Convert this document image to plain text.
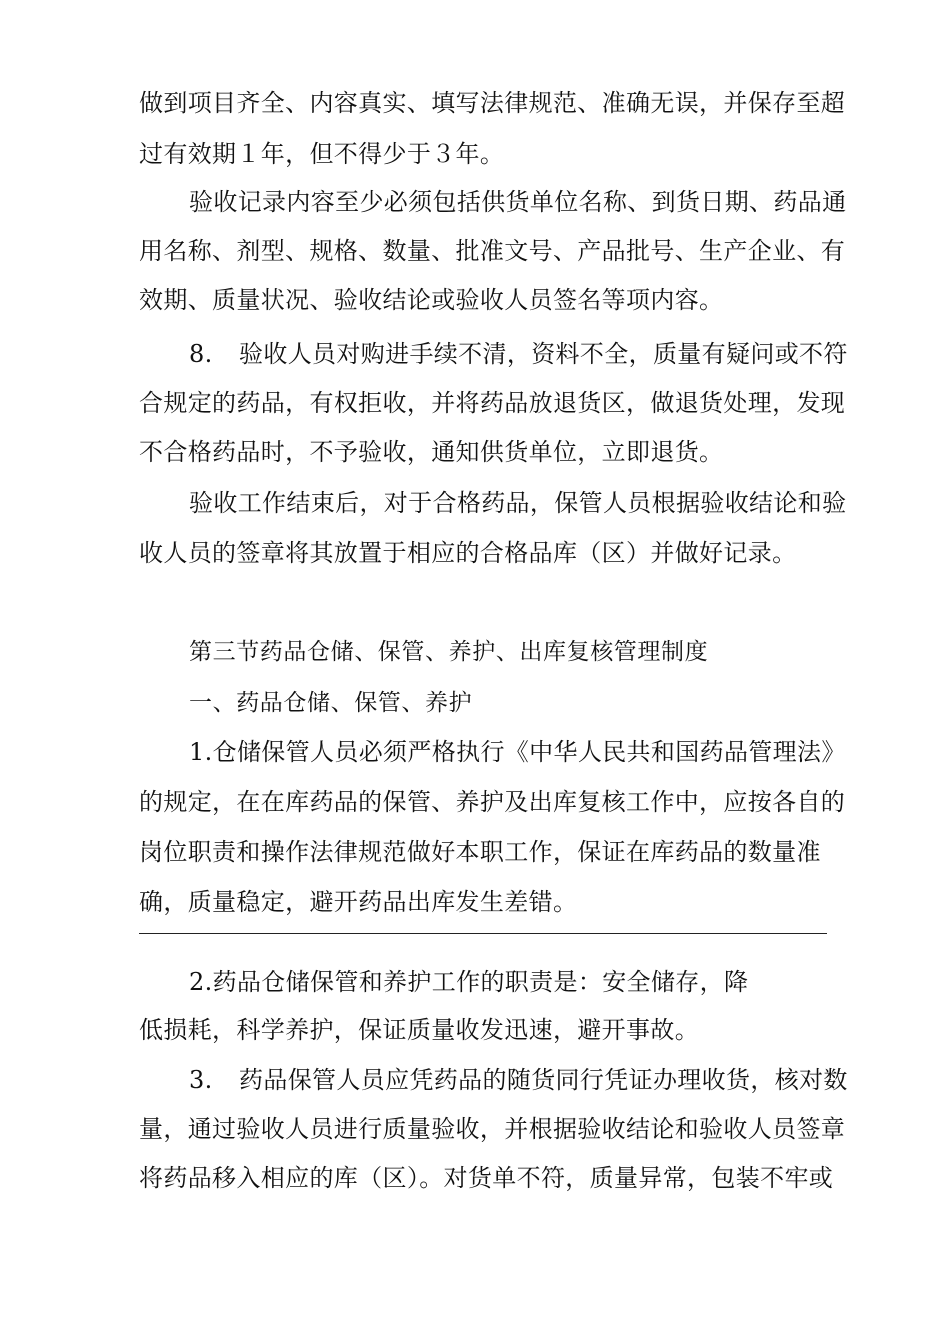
做到项目齐全、内容真实、填写法律规范、准确无误，并保存至超
过有效期１年，但不得少于３年。
验收记录内容至少必须包括供货单位名称、到货日期、药品通
用名称、剂型、规格、数量、批准文号、产品批号、生产企业、有
效期、质量状况、验收结论或验收人员签名等项内容。
8. 验收人员对购进手续不清，资料不全，质量有疑问或不符
合规定的药品，有权拒收，并将药品放退货区，做退货处理，发现
不合格药品时，不予验收，通知供货单位，立即退货。
验收工作结束后，对于合格药品，保管人员根据验收结论和验
收人员的签章将其放置于相应的合格品库（区）并做好记录。
第三节药品仓储、保管、养护、出库复核管理制度
一、药品仓储、保管、养护
1.仓储保管人员必须严格执行《中华人民共和国药品管理法》
的规定，在在库药品的保管、养护及出库复核工作中，应按各自的
岗位职责和操作法律规范做好本职工作，保证在库药品的数量准
确，质量稳定，避开药品出库发生差错。
2.药品仓储保管和养护工作的职责是：安全储存，降
低损耗，科学养护，保证质量收发迅速，避开事故。
3. 药品保管人员应凭药品的随货同行凭证办理收货，核对数
量，通过验收人员进行质量验收，并根据验收结论和验收人员签章
将药品移入相应的库（区）。对货单不符，质量异常，包装不牢或
